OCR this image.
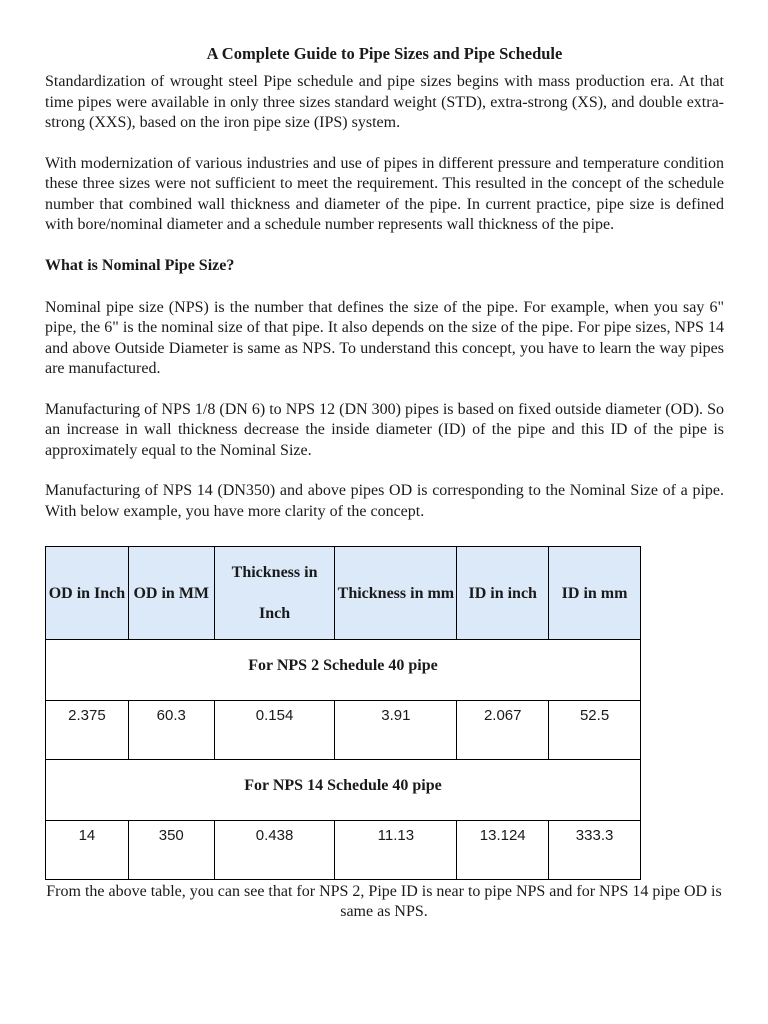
A Complete Guide to Pipe Sizes and Pipe Schedule

Standardization of wrought steel Pipe schedule and pipe sizes begins with mass production era. At that time pipes were available in only three sizes standard weight (STD), extra-strong (XS), and double extra-strong (XXS), based on the iron pipe size (IPS) system.

With modernization of various industries and use of pipes in different pressure and temperature condition these three sizes were not sufficient to meet the requirement. This resulted in the concept of the schedule number that combined wall thickness and diameter of the pipe. In current practice, pipe size is defined with bore/nominal diameter and a schedule number represents wall thickness of the pipe.

What is Nominal Pipe Size?

Nominal pipe size (NPS) is the number that defines the size of the pipe. For example, when you say 6" pipe, the 6" is the nominal size of that pipe. It also depends on the size of the pipe. For pipe sizes, NPS 14 and above Outside Diameter is same as NPS. To understand this concept, you have to learn the way pipes are manufactured.

Manufacturing of NPS 1/8 (DN 6) to NPS 12 (DN 300) pipes is based on fixed outside diameter (OD). So an increase in wall thickness decrease the inside diameter (ID) of the pipe and this ID of the pipe is approximately equal to the Nominal Size.

Manufacturing of NPS 14 (DN350) and above pipes OD is corresponding to the Nominal Size of a pipe. With below example, you have more clarity of the concept.

OD in Inch	OD in MM	Thickness in Inch	Thickness in mm	ID in inch	ID in mm
For NPS 2 Schedule 40 pipe					
2.375	60.3	0.154	3.91	2.067	52.5
For NPS 14 Schedule 40 pipe					
14	350	0.438	11.13	13.124	333.3

From the above table, you can see that for NPS 2, Pipe ID is near to pipe NPS and for NPS 14 pipe OD is same as NPS.
